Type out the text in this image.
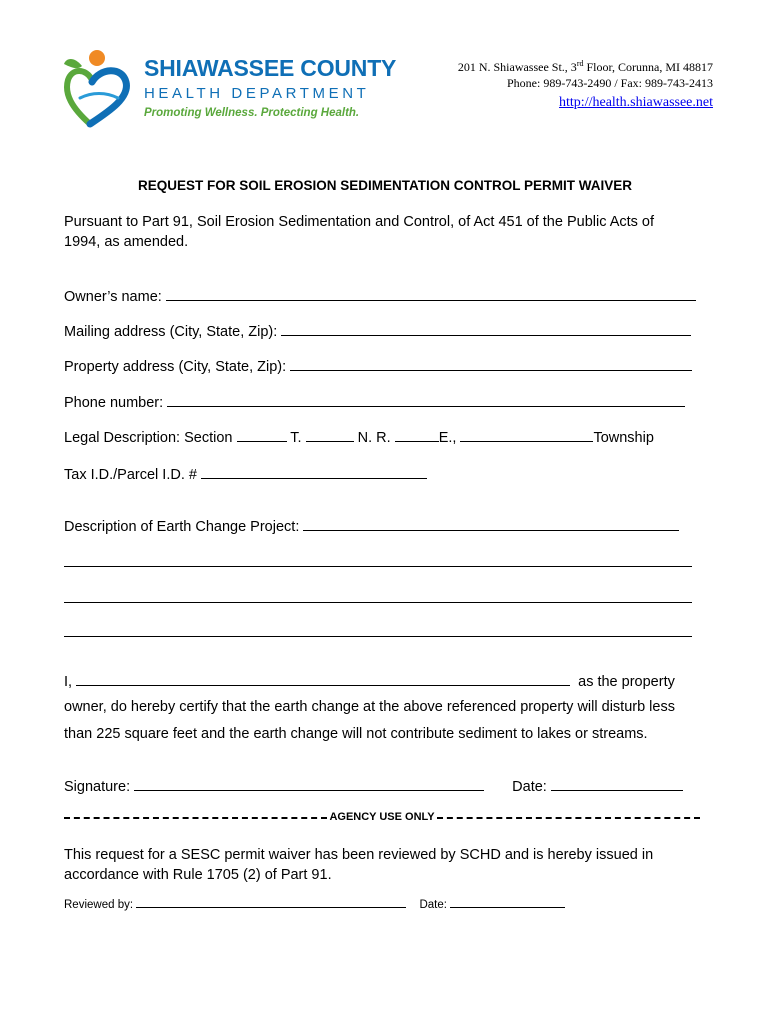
SHIAWASSEE COUNTY
HEALTH DEPARTMENT
Promoting Wellness. Protecting Health.
201 N. Shiawassee St., 3rd Floor, Corunna, MI 48817
Phone: 989-743-2490 / Fax: 989-743-2413
http://health.shiawassee.net
REQUEST FOR SOIL EROSION SEDIMENTATION CONTROL PERMIT WAIVER
Pursuant to Part 91, Soil Erosion Sedimentation and Control, of Act 451 of the Public Acts of
1994, as amended.
Owner’s name:
Mailing address (City, State, Zip):
Property address (City, State, Zip):
Phone number:
Legal Description: Section	T.	N. R.	E.,	Township
Tax I.D./Parcel I.D. #
Description of Earth Change Project:
I,	as the property
owner, do hereby certify that the earth change at the above referenced property will disturb less
than 225 square feet and the earth change will not contribute sediment to lakes or streams.
Signature:	Date:
AGENCY USE ONLY
This request for a SESC permit waiver has been reviewed by SCHD and is hereby issued in
accordance with Rule 1705 (2) of Part 91.
Reviewed by:	Date:
